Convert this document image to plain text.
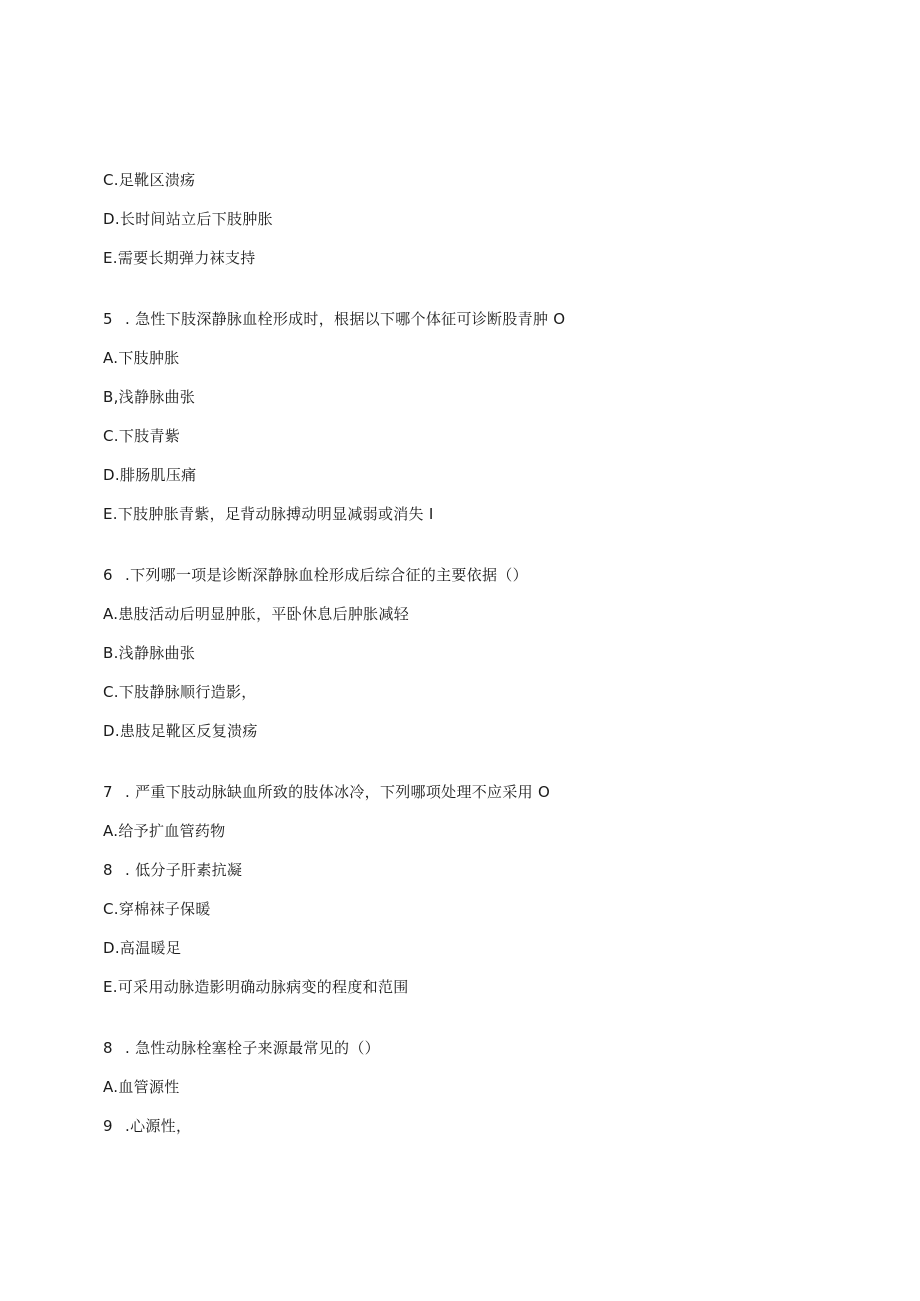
C.足靴区溃疡
D.长时间站立后下肢肿胀
E.需要长期弹力袜支持
5 . 急性下肢深静脉血栓形成时，根据以下哪个体征可诊断股青肿 O
A.下肢肿胀
B,浅静脉曲张
C.下肢青紫
D.腓肠肌压痛
E.下肢肿胀青紫，足背动脉搏动明显减弱或消失 I
6 .下列哪一项是诊断深静脉血栓形成后综合征的主要依据（）
A.患肢活动后明显肿胀，平卧休息后肿胀减轻
B.浅静脉曲张
C.下肢静脉顺行造影，
D.患肢足靴区反复溃疡
7 . 严重下肢动脉缺血所致的肢体冰冷，下列哪项处理不应采用 O
A.给予扩血管药物
8 . 低分子肝素抗凝
C.穿棉袜子保暖
D.高温暖足
E.可采用动脉造影明确动脉病变的程度和范围
8 . 急性动脉栓塞栓子来源最常见的（）
A.血管源性
9 .心源性，
